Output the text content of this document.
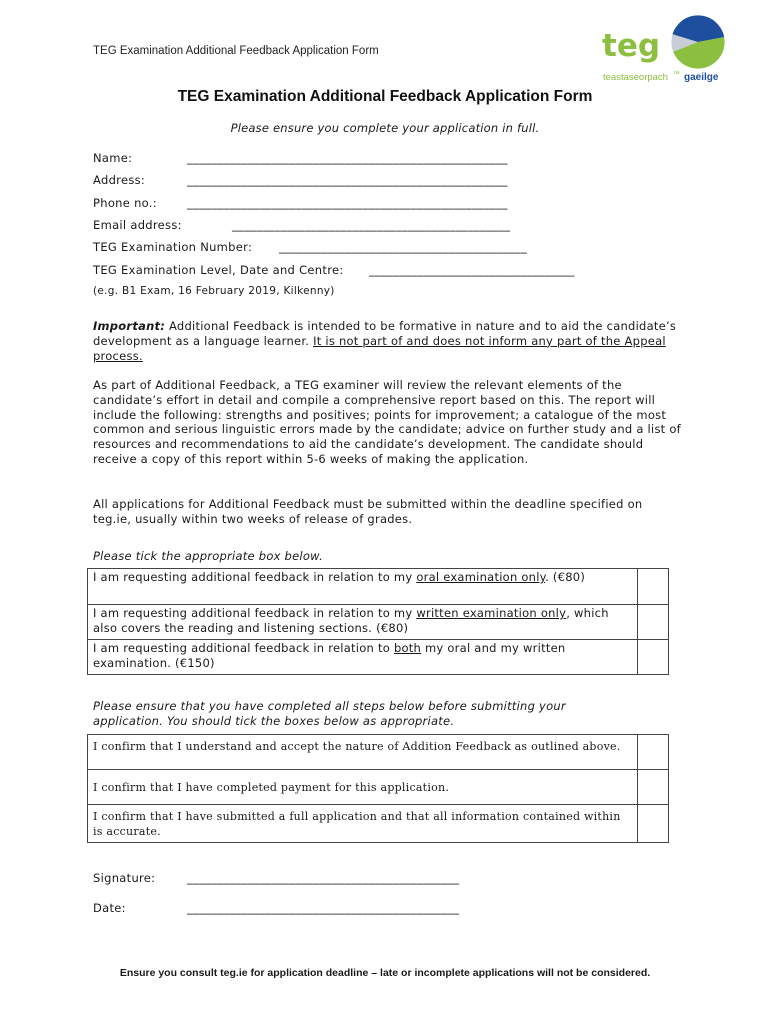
TEG Examination Additional Feedback Application Form	teg
teastaseorpach na gaeilge
TEG Examination Additional Feedback Application Form
Please ensure you complete your application in full.
Name:	_____________________________________________________
Address:	_____________________________________________________
Phone no.:	_____________________________________________________
Email address:	______________________________________________
TEG Examination Number: _________________________________________
TEG Examination Level, Date and Centre: __________________________________
(e.g. B1 Exam, 16 February 2019, Kilkenny)
Important: Additional Feedback is intended to be formative in nature and to aid the candidate’s development as a language learner. It is not part of and does not inform any part of the Appeal process.
As part of Additional Feedback, a TEG examiner will review the relevant elements of the candidate’s effort in detail and compile a comprehensive report based on this. The report will include the following: strengths and positives; points for improvement; a catalogue of the most common and serious linguistic errors made by the candidate; advice on further study and a list of resources and recommendations to aid the candidate’s development. The candidate should receive a copy of this report within 5-6 weeks of making the application.
All applications for Additional Feedback must be submitted within the deadline specified on teg.ie, usually within two weeks of release of grades.
Please tick the appropriate box below.
I am requesting additional feedback in relation to my oral examination only. (€80)	
I am requesting additional feedback in relation to my written examination only, which also covers the reading and listening sections. (€80)	
I am requesting additional feedback in relation to both my oral and my written examination. (€150)	
Please ensure that you have completed all steps below before submitting your application. You should tick the boxes below as appropriate.
I confirm that I understand and accept the nature of Addition Feedback as outlined above.	
I confirm that I have completed payment for this application.	
I confirm that I have submitted a full application and that all information contained within is accurate.	
Signature:	_____________________________________________
Date:	_____________________________________________
Ensure you consult teg.ie for application deadline – late or incomplete applications will not be considered.
